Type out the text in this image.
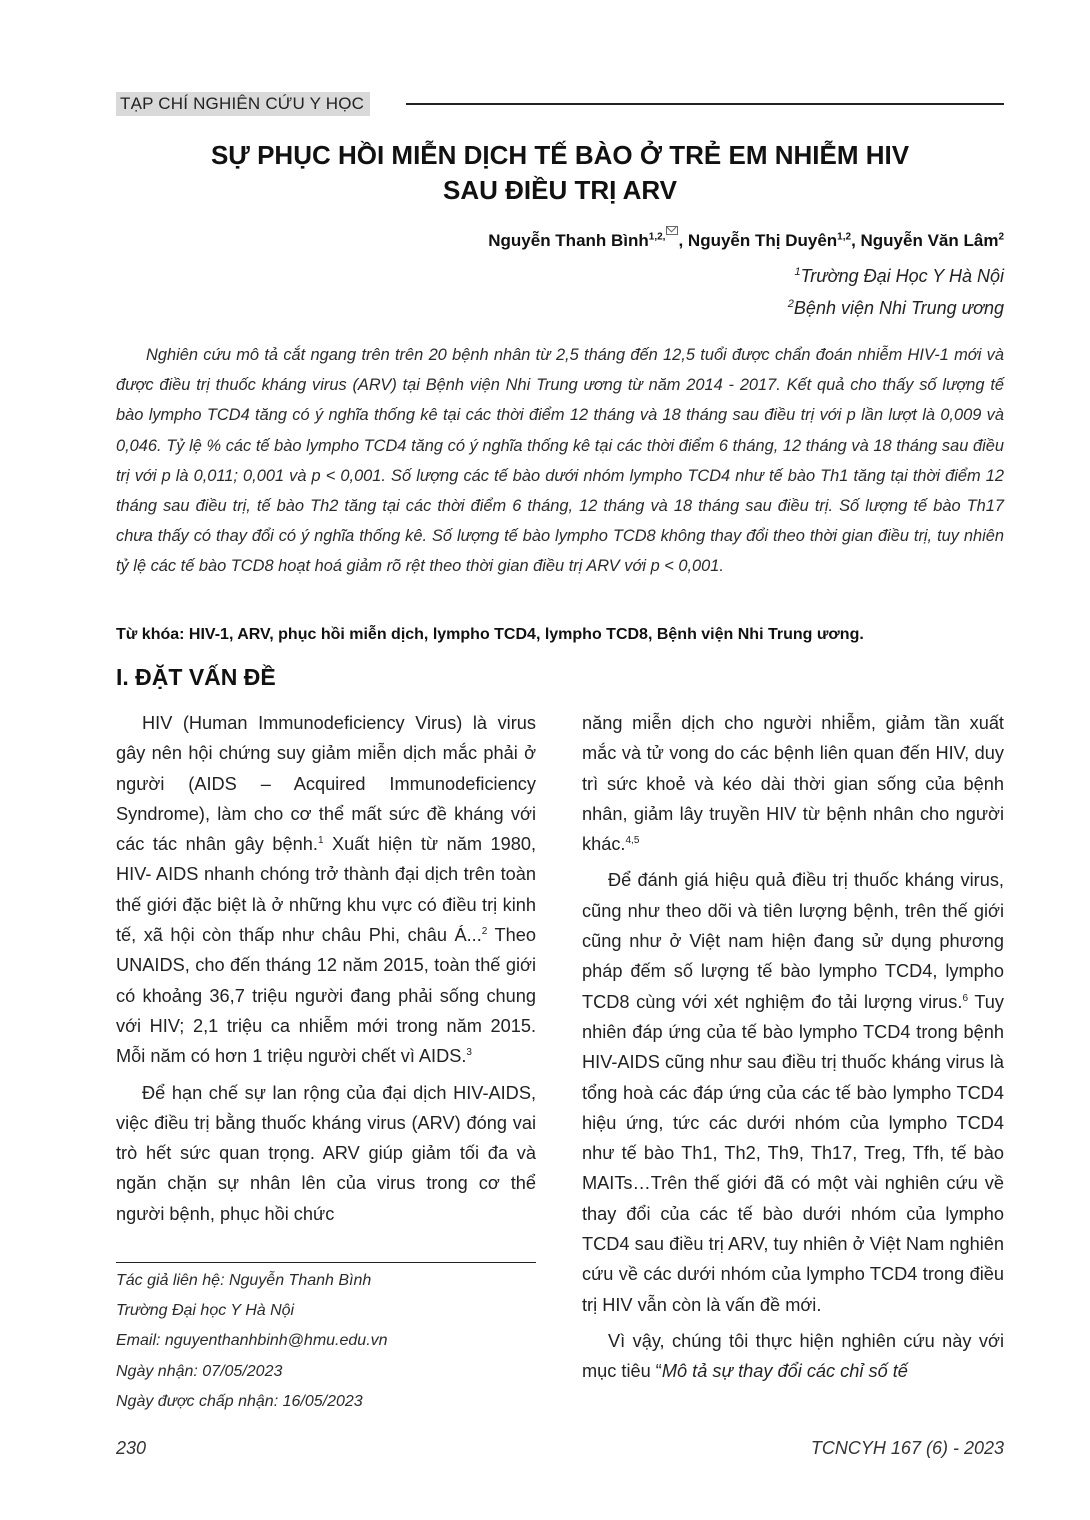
TẠP CHÍ NGHIÊN CỨU Y HỌC
SỰ PHỤC HỒI MIỄN DỊCH TẾ BÀO Ở TRẺ EM NHIỄM HIV
SAU ĐIỀU TRỊ ARV
Nguyễn Thanh Bình$^{1,2,}$ , Nguyễn Thị Duyên$^{1,2}$, Nguyễn Văn Lâm$^2$
$^1$Trường Đại Học Y Hà Nội
$^2$Bệnh viện Nhi Trung ương
Nghiên cứu mô tả cắt ngang trên trên 20 bệnh nhân từ 2,5 tháng đến 12,5 tuổi được chẩn đoán nhiễm HIV-1 mới và được điều trị thuốc kháng virus (ARV) tại Bệnh viện Nhi Trung ương từ năm 2014 - 2017. Kết quả cho thấy số lượng tế bào lympho TCD4 tăng có ý nghĩa thống kê tại các thời điểm 12 tháng và 18 tháng sau điều trị với p lần lượt là 0,009 và 0,046. Tỷ lệ % các tế bào lympho TCD4 tăng có ý nghĩa thống kê tại các thời điểm 6 tháng, 12 tháng và 18 tháng sau điều trị với p là 0,011; 0,001 và p < 0,001. Số lượng các tế bào dưới nhóm lympho TCD4 như tế bào Th1 tăng tại thời điểm 12 tháng sau điều trị, tế bào Th2 tăng tại các thời điểm 6 tháng, 12 tháng và 18 tháng sau điều trị. Số lượng tế bào Th17 chưa thấy có thay đổi có ý nghĩa thống kê. Số lượng tế bào lympho TCD8 không thay đổi theo thời gian điều trị, tuy nhiên tỷ lệ các tế bào TCD8 hoạt hoá giảm rõ rệt theo thời gian điều trị ARV với p < 0,001.
Từ khóa: HIV-1, ARV, phục hồi miễn dịch, lympho TCD4, lympho TCD8, Bệnh viện Nhi Trung ương.
I. ĐẶT VẤN ĐỀ

HIV (Human Immunodeficiency Virus) là virus gây nên hội chứng suy giảm miễn dịch mắc phải ở người (AIDS – Acquired Immunodeficiency Syndrome), làm cho cơ thể mất sức đề kháng với các tác nhân gây bệnh.$^1$ Xuất hiện từ năm 1980, HIV- AIDS nhanh chóng trở thành đại dịch trên toàn thế giới đặc biệt là ở những khu vực có điều trị kinh tế, xã hội còn thấp như châu Phi, châu Á...$^2$ Theo UNAIDS, cho đến tháng 12 năm 2015, toàn thế giới có khoảng 36,7 triệu người đang phải sống chung với HIV; 2,1 triệu ca nhiễm mới trong năm 2015. Mỗi năm có hơn 1 triệu người chết vì AIDS.$^3$

Để hạn chế sự lan rộng của đại dịch HIV-AIDS, việc điều trị bằng thuốc kháng virus (ARV) đóng vai trò hết sức quan trọng. ARV giúp giảm tối đa và ngăn chặn sự nhân lên của virus trong cơ thể người bệnh, phục hồi chức

Tác giả liên hệ: Nguyễn Thanh Bình
Trường Đại học Y Hà Nội
Email: nguyenthanhbinh@hmu.edu.vn
Ngày nhận: 07/05/2023
Ngày được chấp nhận: 16/05/2023

năng miễn dịch cho người nhiễm, giảm tần xuất mắc và tử vong do các bệnh liên quan đến HIV, duy trì sức khoẻ và kéo dài thời gian sống của bệnh nhân, giảm lây truyền HIV từ bệnh nhân cho người khác.$^{4,5}$

Để đánh giá hiệu quả điều trị thuốc kháng virus, cũng như theo dõi và tiên lượng bệnh, trên thế giới cũng như ở Việt nam hiện đang sử dụng phương pháp đếm số lượng tế bào lympho TCD4, lympho TCD8 cùng với xét nghiệm đo tải lượng virus.$^6$ Tuy nhiên đáp ứng của tế bào lympho TCD4 trong bệnh HIV-AIDS cũng như sau điều trị thuốc kháng virus là tổng hoà các đáp ứng của các tế bào lympho TCD4 hiệu ứng, tức các dưới nhóm của lympho TCD4 như tế bào Th1, Th2, Th9, Th17, Treg, Tfh, tế bào MAITs…Trên thế giới đã có một vài nghiên cứu về thay đổi của các tế bào dưới nhóm của lympho TCD4 sau điều trị ARV, tuy nhiên ở Việt Nam nghiên cứu về các dưới nhóm của lympho TCD4 trong điều trị HIV vẫn còn là vấn đề mới.

Vì vậy, chúng tôi thực hiện nghiên cứu này với mục tiêu “Mô tả sự thay đổi các chỉ số tế

230	TCNCYH 167 (6) - 2023
